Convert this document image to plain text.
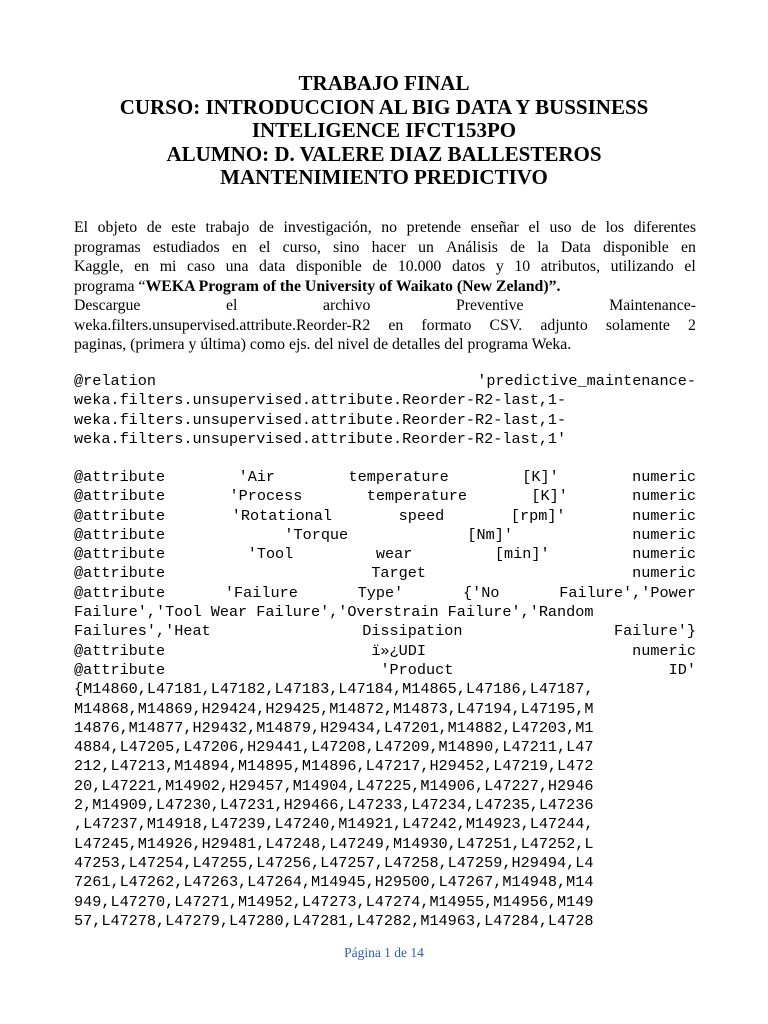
TRABAJO FINAL
CURSO: INTRODUCCION AL BIG DATA Y BUSSINESS
INTELIGENCE IFCT153PO
ALUMNO: D. VALERE DIAZ BALLESTEROS
MANTENIMIENTO PREDICTIVO
El objeto de este trabajo de investigación, no pretende enseñar el uso de los diferentes
programas estudiados en el curso, sino hacer un Análisis de la Data disponible en
Kaggle, en mi caso una data disponible de 10.000 datos y 10 atributos, utilizando el
programa “ WEKA Program of the University of Waikato (New Zeland)”.
Descargue	el	archivo	Preventive	Maintenance-
weka.filters.unsupervised.attribute.Reorder-R2 en formato CSV. adjunto solamente 2
paginas, (primera y última) como ejs. del nivel de detalles del programa Weka.
@relation	'predictive_maintenance-
weka.filters.unsupervised.attribute.Reorder-R2-last,1-
weka.filters.unsupervised.attribute.Reorder-R2-last,1-
weka.filters.unsupervised.attribute.Reorder-R2-last,1'
@attribute	'Air	temperature	[K]'	numeric
@attribute	'Process	temperature	[K]'	numeric
@attribute	'Rotational	speed	[rpm]'	numeric
@attribute	'Torque	[Nm]'	numeric
@attribute	'Tool	wear	[min]'	numeric
@attribute	Target	numeric
@attribute	'Failure	Type'	{'No	Failure','Power
Failure','Tool Wear Failure','Overstrain Failure','Random
Failures','Heat	Dissipation	Failure'}
@attribute	ï»¿UDI	numeric
@attribute	'Product	ID'
{M14860,L47181,L47182,L47183,L47184,M14865,L47186,L47187,
M14868,M14869,H29424,H29425,M14872,M14873,L47194,L47195,M
14876,M14877,H29432,M14879,H29434,L47201,M14882,L47203,M1
4884,L47205,L47206,H29441,L47208,L47209,M14890,L47211,L47
212,L47213,M14894,M14895,M14896,L47217,H29452,L47219,L472
20,L47221,M14902,H29457,M14904,L47225,M14906,L47227,H2946
2,M14909,L47230,L47231,H29466,L47233,L47234,L47235,L47236
,L47237,M14918,L47239,L47240,M14921,L47242,M14923,L47244,
L47245,M14926,H29481,L47248,L47249,M14930,L47251,L47252,L
47253,L47254,L47255,L47256,L47257,L47258,L47259,H29494,L4
7261,L47262,L47263,L47264,M14945,H29500,L47267,M14948,M14
949,L47270,L47271,M14952,L47273,L47274,M14955,M14956,M149
57,L47278,L47279,L47280,L47281,L47282,M14963,L47284,L4728
Página 1 de 14
